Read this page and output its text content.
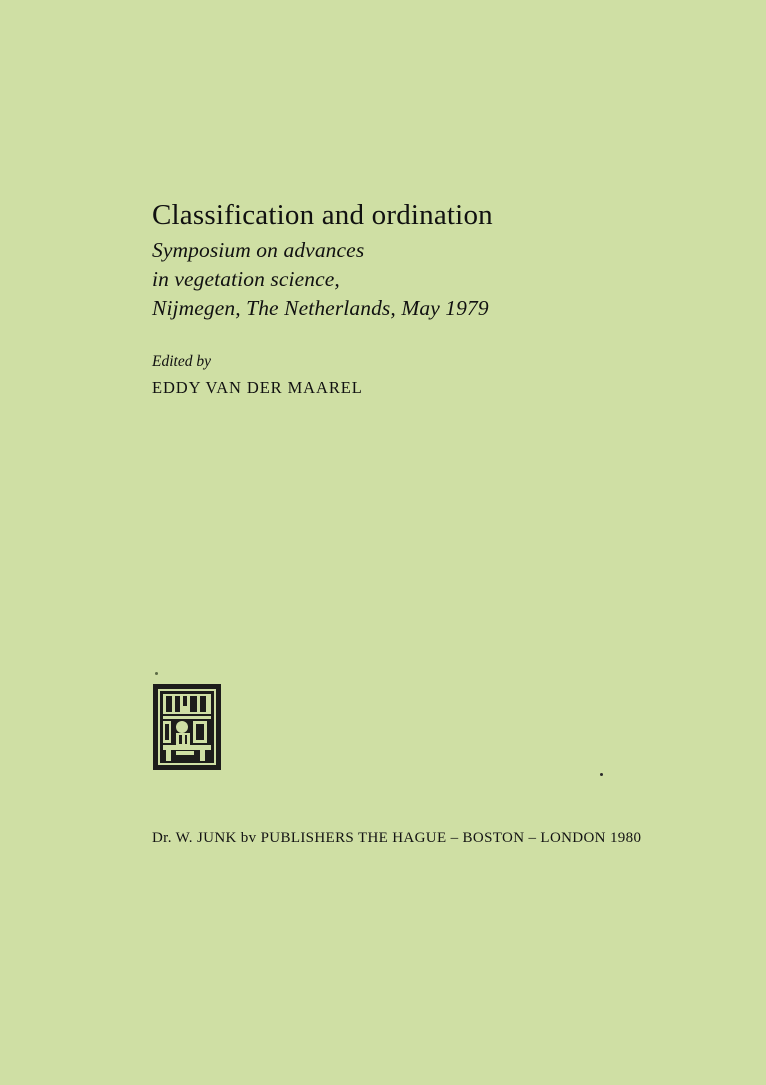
Classification and ordination

Symposium on advances

in vegetation science,

Nijmegen, The Netherlands, May 1979

Edited by

EDDY VAN DER MAAREL

Dr. W. JUNK bv PUBLISHERS THE HAGUE – BOSTON – LONDON 1980
